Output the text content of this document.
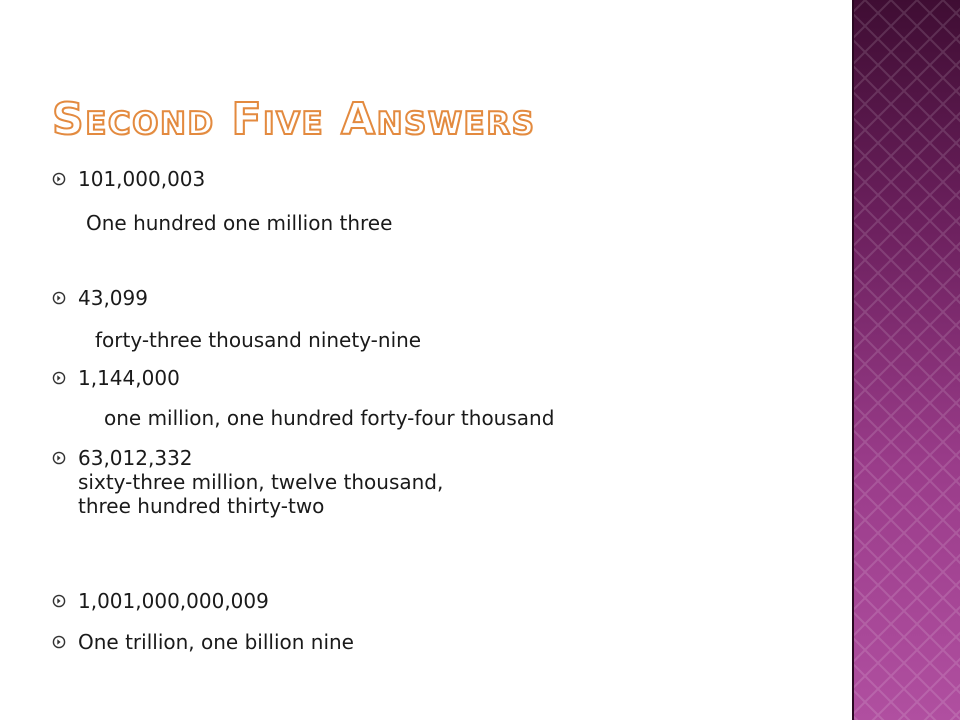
Second Five Answers
101,000,003
One hundred one million three
43,099
forty-three thousand ninety-nine
1,144,000
one million, one hundred forty-four thousand
63,012,332
sixty-three million, twelve thousand,
three hundred thirty-two
1,001,000,000,009
One trillion, one billion nine
